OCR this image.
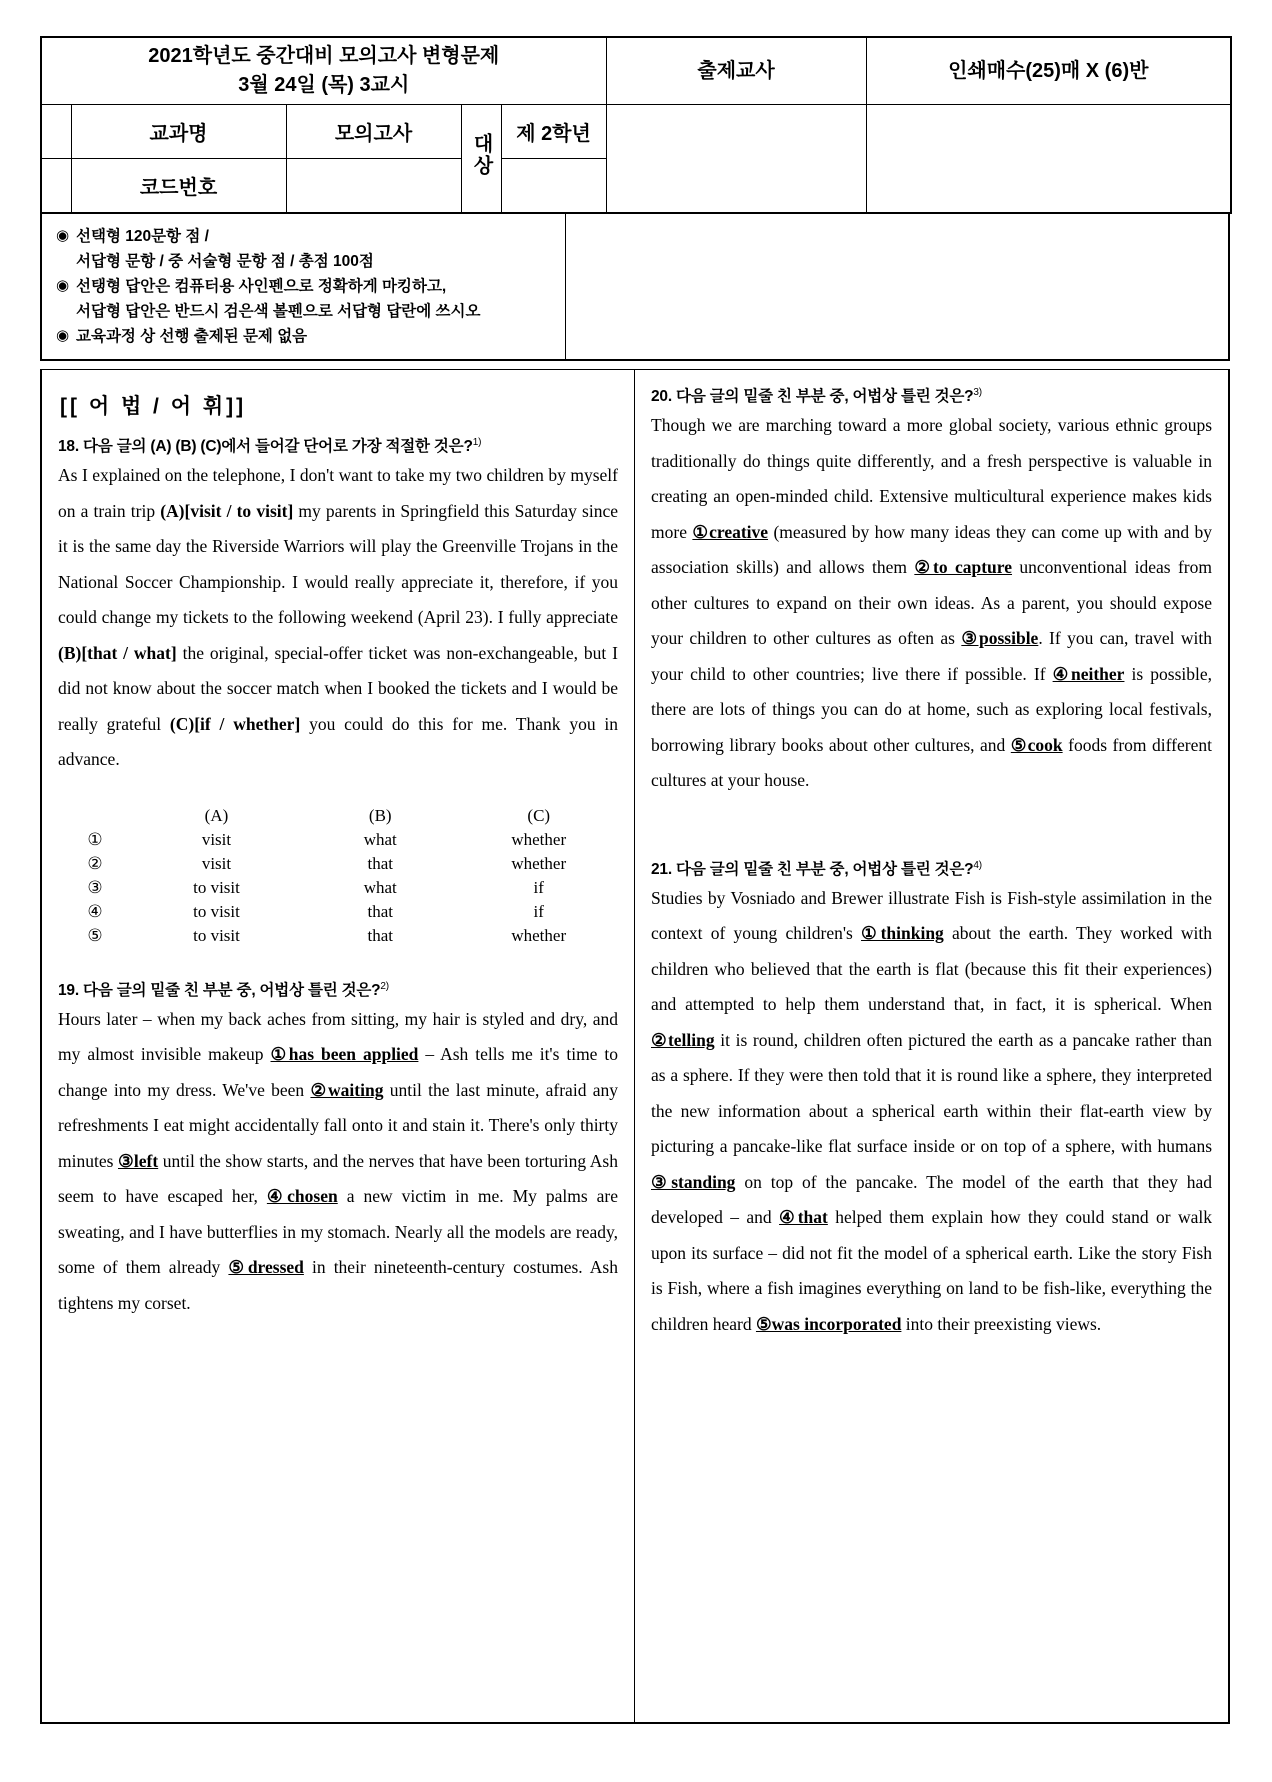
2021학년도 중간대비 모의고사 변형문제
3월 24일 (목) 3교시					출제교사	인쇄매수(25)매 X (6)반
	교과명	모의고사	대상	제 2학년		
	코드번호					
◉ 선택형 120문항 점 /
서답형 문항 / 중 서술형 문항 점 / 총점 100점
◉ 선탱형 답안은 컴퓨터용 사인펜으로 정확하게 마킹하고,
서답형 답안은 반드시 검은색 볼펜으로 서답형 답란에 쓰시오
◉ 교육과정 상 선행 출제된 문제 없음
[[ 어 법 / 어 휘]]
18. 다음 글의 (A) (B) (C)에서 들어갈 단어로 가장 적절한 것은?$^{1)}$
As I explained on the telephone, I don't want to take my two children by myself on a train trip (A)[visit / to visit] my parents in Springfield this Saturday since it is the same day the Riverside Warriors will play the Greenville Trojans in the National Soccer Championship. I would really appreciate it, therefore, if you could change my tickets to the following weekend (April 23). I fully appreciate (B)[that / what] the original, special-offer ticket was non-exchangeable, but I did not know about the soccer match when I booked the tickets and I would be really grateful (C)[if / whether] you could do this for me. Thank you in advance.
	(A)	(B)	(C)
①	visit	what	whether
②	visit	that	whether
③	to visit	what	if
④	to visit	that	if
⑤	to visit	that	whether
19. 다음 글의 밑줄 친 부분 중, 어법상 틀린 것은?$^{2)}$
Hours later – when my back aches from sitting, my hair is styled and dry, and my almost invisible makeup ①has been applied – Ash tells me it's time to change into my dress. We've been ②waiting until the last minute, afraid any refreshments I eat might accidentally fall onto it and stain it. There's only thirty minutes ③left until the show starts, and the nerves that have been torturing Ash seem to have escaped her, ④chosen a new victim in me. My palms are sweating, and I have butterflies in my stomach. Nearly all the models are ready, some of them already ⑤dressed in their nineteenth-century costumes. Ash tightens my corset.
20. 다음 글의 밑줄 친 부분 중, 어법상 틀린 것은?$^{3)}$
Though we are marching toward a more global society, various ethnic groups traditionally do things quite differently, and a fresh perspective is valuable in creating an open-minded child. Extensive multicultural experience makes kids more ①creative (measured by how many ideas they can come up with and by association skills) and allows them ②to capture unconventional ideas from other cultures to expand on their own ideas. As a parent, you should expose your children to other cultures as often as ③possible. If you can, travel with your child to other countries; live there if possible. If ④neither is possible, there are lots of things you can do at home, such as exploring local festivals, borrowing library books about other cultures, and ⑤cook foods from different cultures at your house.
21. 다음 글의 밑줄 친 부분 중, 어법상 틀린 것은?$^{4)}$
Studies by Vosniado and Brewer illustrate Fish is Fish-style assimilation in the context of young children's ①thinking about the earth. They worked with children who believed that the earth is flat (because this fit their experiences) and attempted to help them understand that, in fact, it is spherical. When ②telling it is round, children often pictured the earth as a pancake rather than as a sphere. If they were then told that it is round like a sphere, they interpreted the new information about a spherical earth within their flat-earth view by picturing a pancake-like flat surface inside or on top of a sphere, with humans ③standing on top of the pancake. The model of the earth that they had developed – and ④that helped them explain how they could stand or walk upon its surface – did not fit the model of a spherical earth. Like the story Fish is Fish, where a fish imagines everything on land to be fish-like, everything the children heard ⑤was incorporated into their preexisting views.
